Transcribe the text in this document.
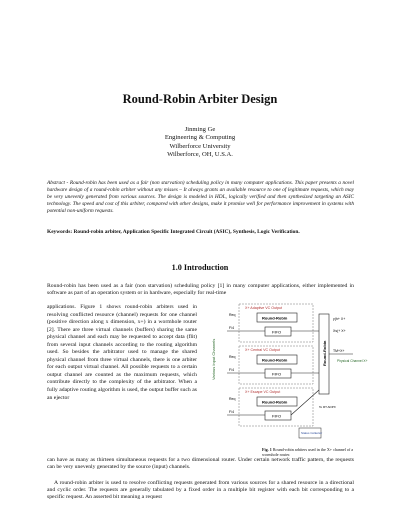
Round-Robin Arbiter Design
Jinming Ge
Engineering & Computing
Wilberforce University
Wilberforce, OH, U.S.A.
Abstract - Round-robin has been used as a fair (non starvation) scheduling policy in many computer applications. This paper presents a novel hardware design of a round-robin arbiter without any misses – It always grants an available resource to one of legitimate requests, which may be very unevenly generated from various sources. The design is modeled in HDL, logically verified and then synthesized targeting an ASIC technology. The speed and cost of this arbiter, compared with other designs, make it promise well for performance improvement in systems with potential non-uniform requests.
Keywords: Round-robin arbiter, Application Specific Integrated Circuit (ASIC), Synthesis, Logic Verification.
1.0 Introduction

Round-robin has been used as a fair (non starvation) scheduling policy [1] in many computer applications, either implemented in software as part of an operation system or in hardware, especially for real-time

applications. Figure 1 shows round-robin arbiters used in resolving conflicted resource (channel) requests for one channel (positive direction along x dimension, x+) in a wormhole router [2]. There are three virtual channels (buffers) sharing the same physical channel and each may be requested to accept data (flit) from several input channels according to the routing algorithm used. So besides the arbitrator used to manage the shared physical channel from three virtual channels, there is one arbiter for each output virtual channel. All possible requests to a certain output channel are counted as the maximum requests, which contribute directly to the complexity of the arbitrator. When a fully adaptive routing algorithm is used, the output buffer such as an ejector

Various Input Channels
X+ Adaptive VC Output
Round-Robin
FIFO
Req
F/4
X+ Central VC Output
Round-Robin
FIFO
Req
F/4
X+ Escape VC Output
Round-Robin
FIFO
Req
F/4
Round-Robin
y(h+ X+
Xs(+ X+
TM+X+
Physical Channel X+
Status Collector
To RT ADPX
Fig. 1 Round-robin arbiters used in the X+ channel of a wormhole router.

can have as many as thirteen simultaneous requests for a two dimensional router. Under certain network traffic pattern, the requests can be very unevenly generated by the source (input) channels.

A round-robin arbiter is used to resolve conflicting requests generated from various sources for a shared resource in a directional and cyclic order. The requests are generally tabulated by a fixed order in a multiple bit register with each bit corresponding to a specific request. An asserted bit meaning a request
